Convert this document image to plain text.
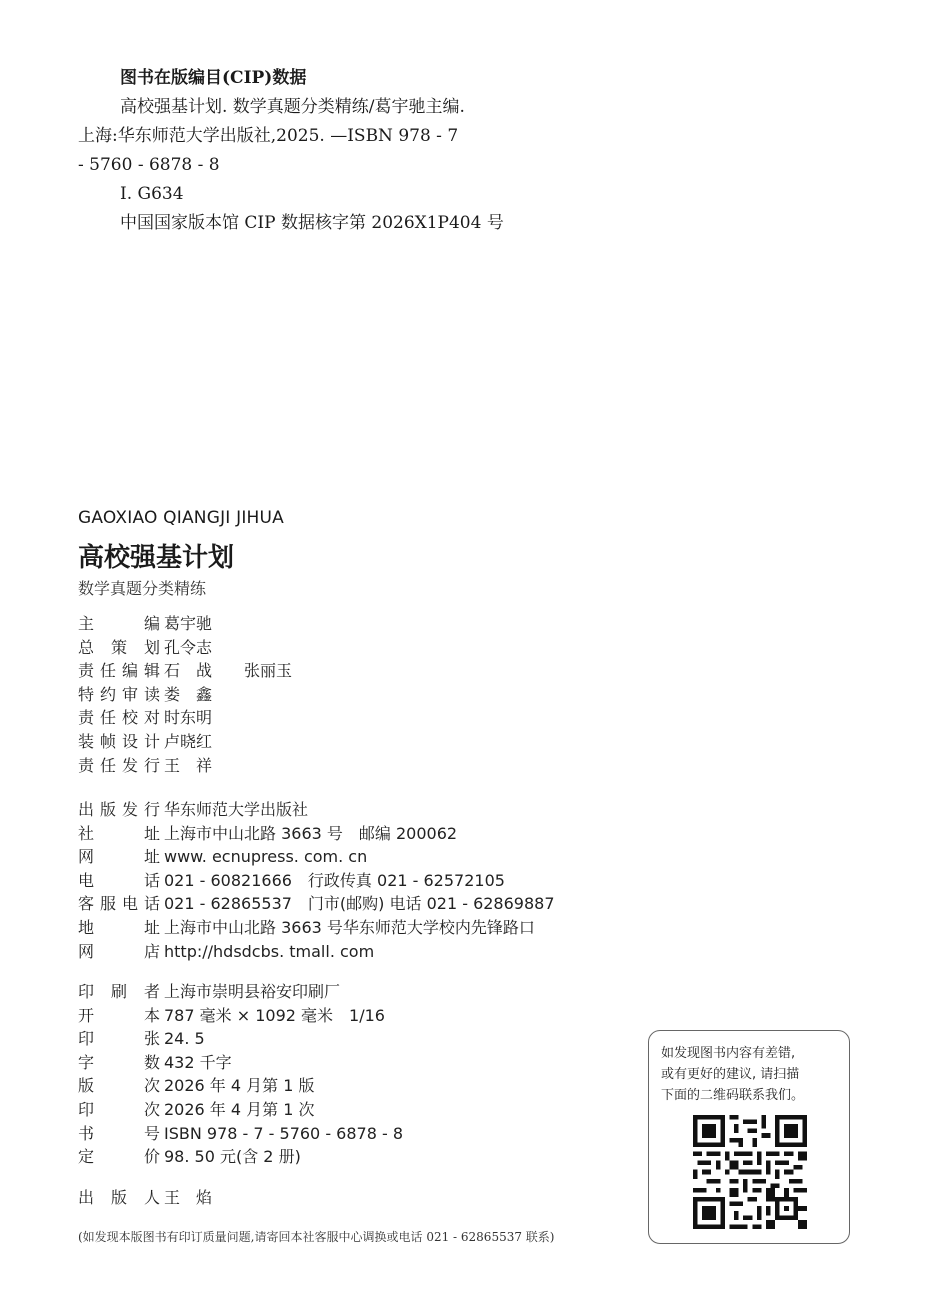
图书在版编目(CIP)数据
高校强基计划. 数学真题分类精练/葛宇驰主编.
上海:华东师范大学出版社,2025. —ISBN 978 - 7
- 5760 - 6878 - 8
Ⅰ. G634
中国国家版本馆 CIP 数据核字第 2026X1P404 号
GAOXIAO QIANGJI JIHUA
高校强基计划
数学真题分类精练
主	编 葛宇驰
总 策 划 孔令志
责 任 编 辑 石　战　　张丽玉
特 约 审 读 娄　鑫
责 任 校 对 时东明
装 帧 设 计 卢晓红
责 任 发 行 王　祥
出 版 发 行 华东师范大学出版社
社	址 上海市中山北路 3663 号　邮编 200062
网	址 www. ecnupress. com. cn
电	话 021 - 60821666　行政传真 021 - 62572105
客 服 电 话 021 - 62865537　门市(邮购) 电话 021 - 62869887
地	址 上海市中山北路 3663 号华东师范大学校内先锋路口
网	店 http://hdsdcbs. tmall. com
印 刷 者 上海市崇明县裕安印刷厂
开	本 787 毫米 × 1092 毫米　1/16
印	张 24. 5
字	数 432 千字
版	次 2026 年 4 月第 1 版
印	次 2026 年 4 月第 1 次
书	号 ISBN 978 - 7 - 5760 - 6878 - 8
定	价 98. 50 元(含 2 册)
出 版 人 王　焰
如发现图书内容有差错,
或有更好的建议, 请扫描
下面的二维码联系我们。
(如发现本版图书有印订质量问题,请寄回本社客服中心调换或电话 021 - 62865537 联系)
